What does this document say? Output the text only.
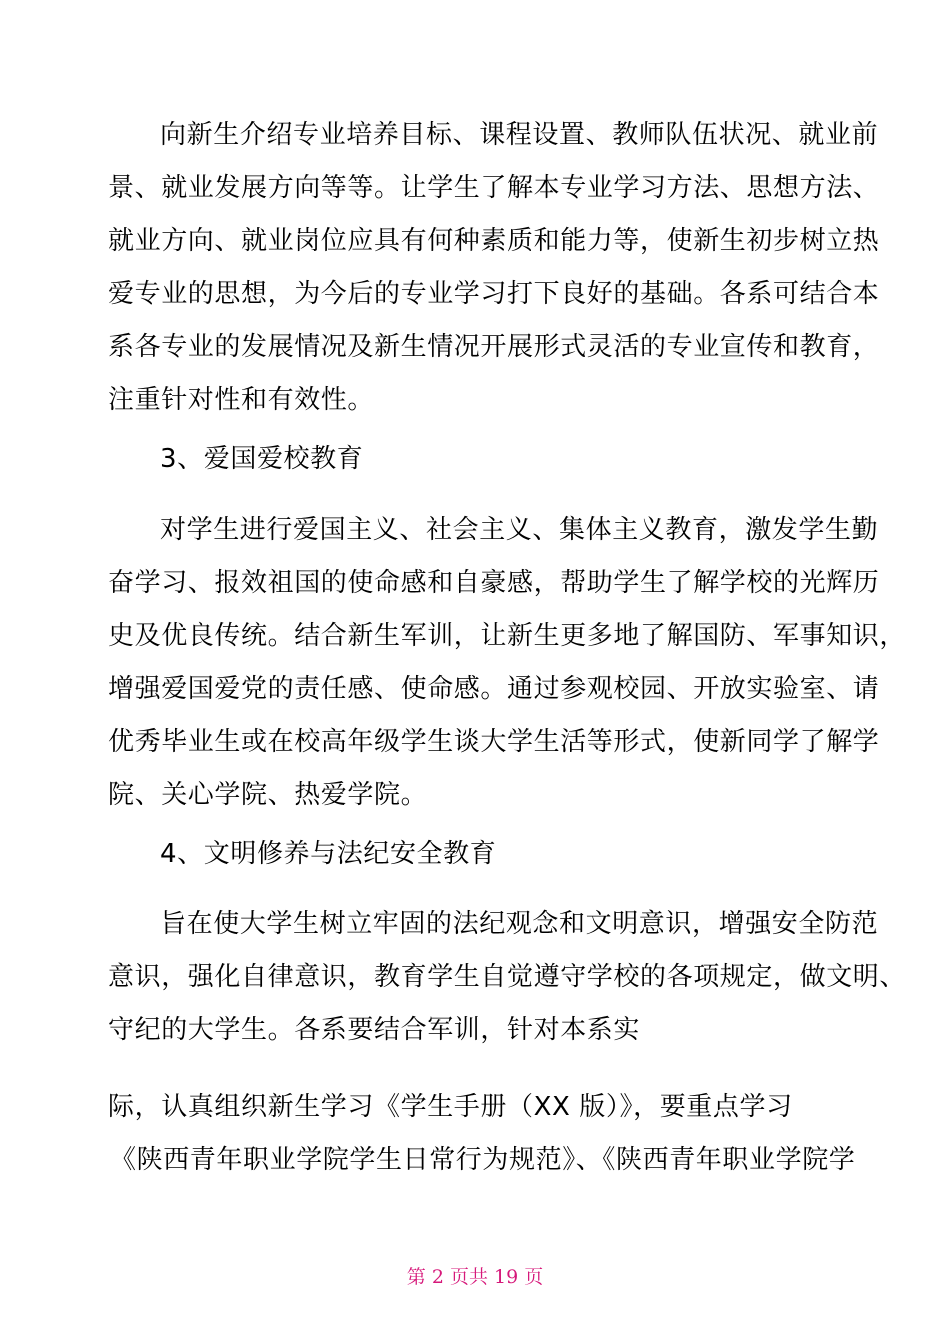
向新生介绍专业培养目标、课程设置、教师队伍状况、就业前
景、就业发展方向等等。让学生了解本专业学习方法、思想方法、
就业方向、就业岗位应具有何种素质和能力等，使新生初步树立热
爱专业的思想，为今后的专业学习打下良好的基础。各系可结合本
系各专业的发展情况及新生情况开展形式灵活的专业宣传和教育，
注重针对性和有效性。
3、爱国爱校教育
对学生进行爱国主义、社会主义、集体主义教育，激发学生勤
奋学习、报效祖国的使命感和自豪感，帮助学生了解学校的光辉历
史及优良传统。结合新生军训，让新生更多地了解国防、军事知识，
增强爱国爱党的责任感、使命感。通过参观校园、开放实验室、请
优秀毕业生或在校高年级学生谈大学生活等形式，使新同学了解学
院、关心学院、热爱学院。
4、文明修养与法纪安全教育
旨在使大学生树立牢固的法纪观念和文明意识，增强安全防范
意识，强化自律意识，教育学生自觉遵守学校的各项规定，做文明、
守纪的大学生。各系要结合军训，针对本系实
际，认真组织新生学习《学生手册（XX 版）》，要重点学习
《陕西青年职业学院学生日常行为规范》、《陕西青年职业学院学
第 2 页共 19 页
